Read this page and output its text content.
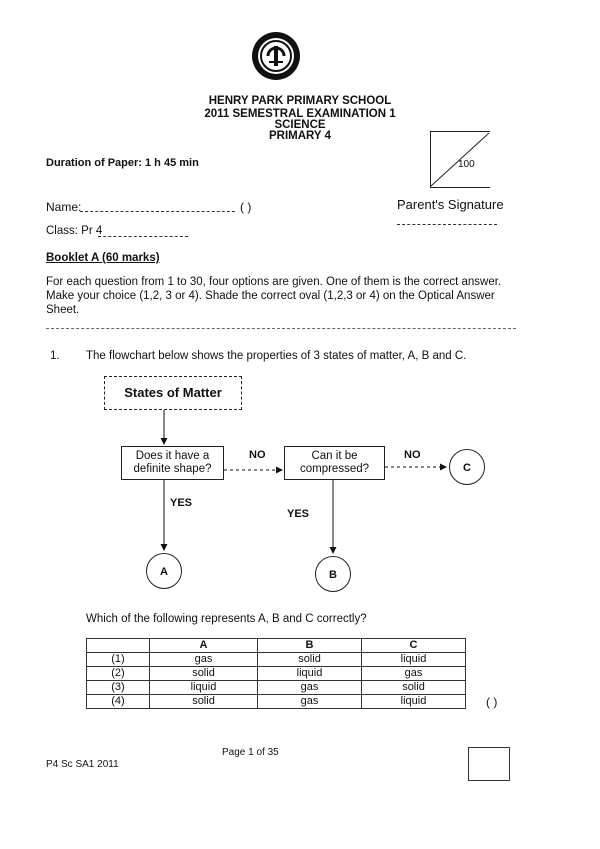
HENRY PARK PRIMARY SCHOOL
2011 SEMESTRAL EXAMINATION 1
SCIENCE
PRIMARY 4
Duration of Paper: 1 h 45 min	100
Parent's Signature
Name:	( )
Class: Pr 4
Booklet A (60 marks)
For each question from 1 to 30, four options are given. One of them is the correct answer. Make your choice (1,2, 3 or 4). Shade the correct oval (1,2,3 or 4) on the Optical Answer Sheet.
1. The flowchart below shows the properties of 3 states of matter, A, B and C.
States of Matter
Does it have a definite shape?
Can it be compressed?
NO	NO
YES
YES
A	B
C
Which of the following represents A, B and C correctly?
	A	B	C
(1)	gas	solid	liquid
(2)	solid	liquid	gas
(3)	liquid	gas	solid
(4)	solid	gas	liquid	( )
Page 1 of 35
P4 Sc SA1 2011
